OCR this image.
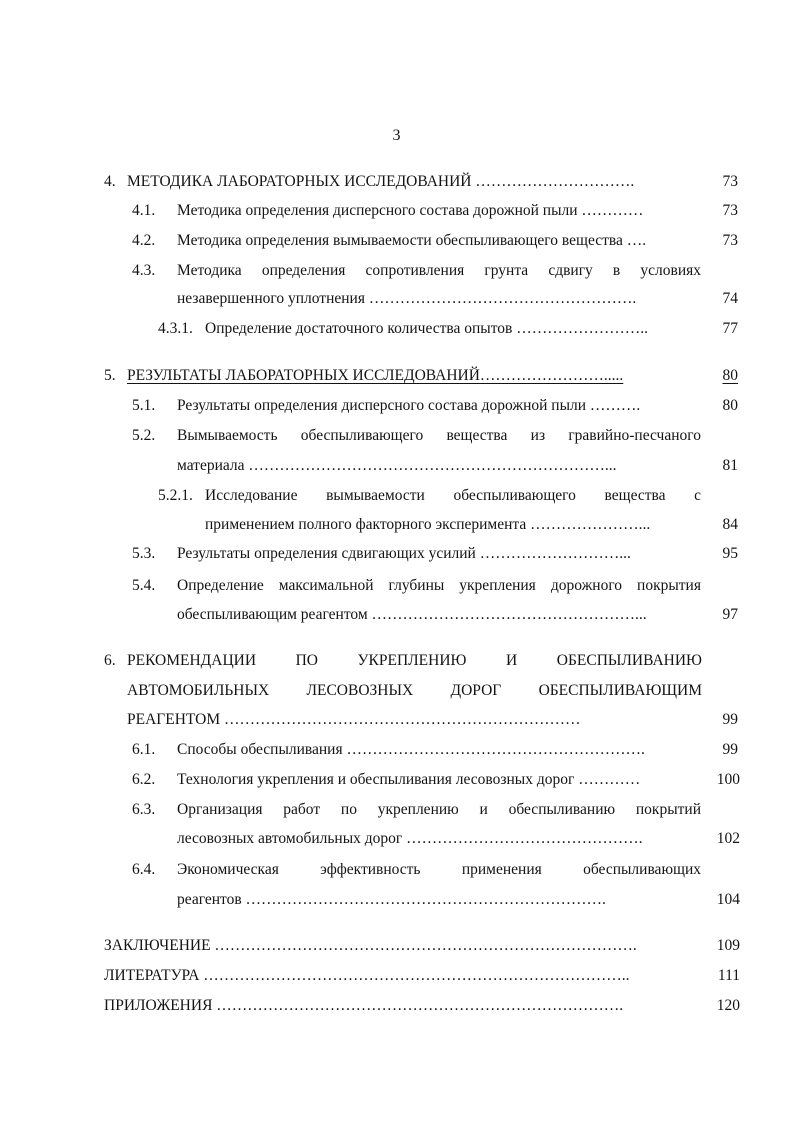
3
4. МЕТОДИКА ЛАБОРАТОРНЫХ ИССЛЕДОВАНИЙ ………………………….	73
4.1. Методика определения дисперсного состава дорожной пыли …………	73
4.2. Методика определения вымываемости обеспыливающего вещества ….	73
4.3. Методика определения сопротивления грунта сдвигу в условиях
незавершенного уплотнения …………………………………………….	74
4.3.1. Определение достаточного количества опытов ……………………..	77
5. РЕЗУЛЬТАТЫ ЛАБОРАТОРНЫХ ИССЛЕДОВАНИЙ…………………….....	80
5.1. Результаты определения дисперсного состава дорожной пыли ……….	80
5.2. Вымываемость обеспыливающего вещества из гравийно-песчаного
материала ……………………………………………………………...	81
5.2.1. Исследование вымываемости обеспыливающего вещества с
применением полного факторного эксперимента …………………...	84
5.3. Результаты определения сдвигающих усилий ………………………...	95
5.4. Определение максимальной глубины укрепления дорожного покрытия
обеспыливающим реагентом ……………………………………………...	97
6. РЕКОМЕНДАЦИИ ПО УКРЕПЛЕНИЮ И ОБЕСПЫЛИВАНИЮ
АВТОМОБИЛЬНЫХ ЛЕСОВОЗНЫХ ДОРОГ ОБЕСПЫЛИВАЮЩИМ
РЕАГЕНТОМ ……………………………………………………………	99
6.1. Способы обеспыливания ………………………………………………….	99
6.2. Технология укрепления и обеспыливания лесовозных дорог …………	100
6.3. Организация работ по укреплению и обеспыливанию покрытий
лесовозных автомобильных дорог ……………………………………….	102
6.4. Экономическая эффективность применения обеспыливающих
реагентов …………………………………………………………….	104
ЗАКЛЮЧЕНИЕ ……………………………………………………………………….	109
ЛИТЕРАТУРА ………………………………………………………………………..	111
ПРИЛОЖЕНИЯ …………………………………………………………………….	120
